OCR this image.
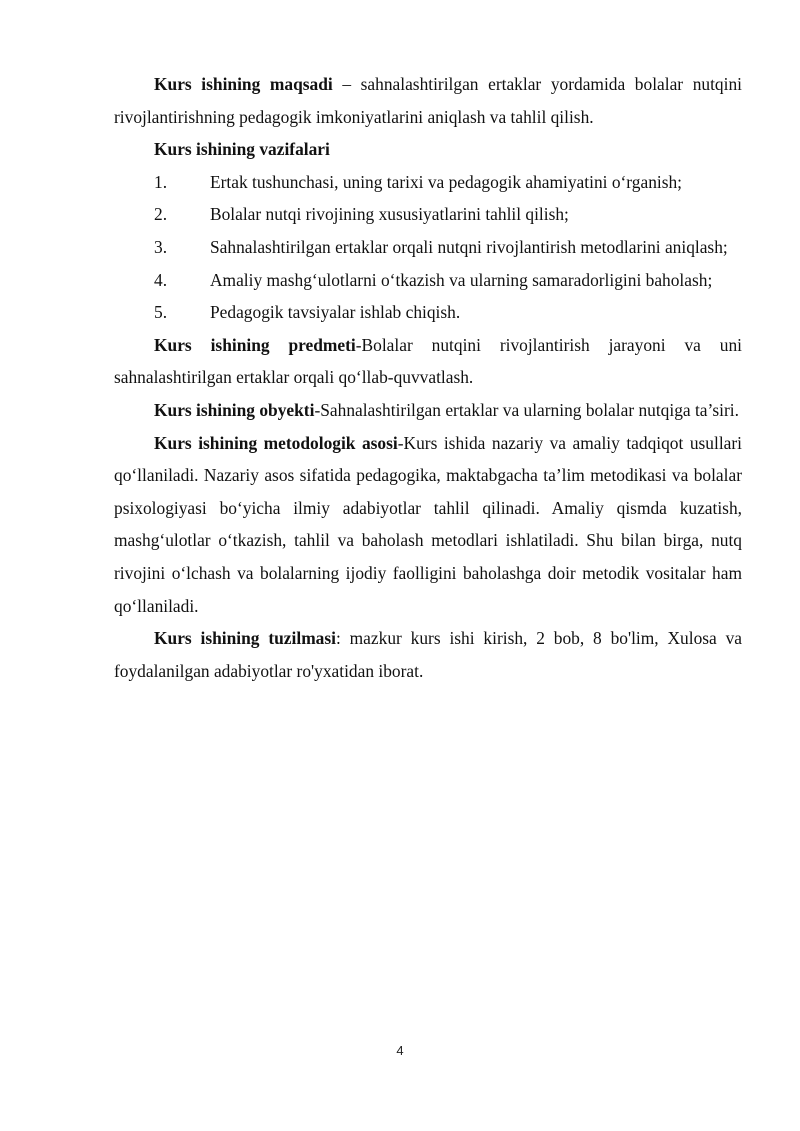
Kurs ishining maqsadi – sahnalashtirilgan ertaklar yordamida bolalar nutqini rivojlantirishning pedagogik imkoniyatlarini aniqlash va tahlil qilish.

Kurs ishining vazifalari

1. Ertak tushunchasi, uning tarixi va pedagogik ahamiyatini o‘rganish;

2. Bolalar nutqi rivojining xususiyatlarini tahlil qilish;

3. Sahnalashtirilgan ertaklar orqali nutqni rivojlantirish metodlarini aniqlash;

4. Amaliy mashg‘ulotlarni o‘tkazish va ularning samaradorligini baholash;

5. Pedagogik tavsiyalar ishlab chiqish.

Kurs ishining predmeti-Bolalar nutqini rivojlantirish jarayoni va uni sahnalashtirilgan ertaklar orqali qo‘llab-quvvatlash.

Kurs ishining obyekti-Sahnalashtirilgan ertaklar va ularning bolalar nutqiga ta’siri.

Kurs ishining metodologik asosi-Kurs ishida nazariy va amaliy tadqiqot usullari qo‘llaniladi. Nazariy asos sifatida pedagogika, maktabgacha ta’lim metodikasi va bolalar psixologiyasi bo‘yicha ilmiy adabiyotlar tahlil qilinadi. Amaliy qismda kuzatish, mashg‘ulotlar o‘tkazish, tahlil va baholash metodlari ishlatiladi. Shu bilan birga, nutq rivojini o‘lchash va bolalarning ijodiy faolligini baholashga doir metodik vositalar ham qo‘llaniladi.

Kurs ishining tuzilmasi: mazkur kurs ishi kirish, 2 bob, 8 bo'lim, Xulosa va foydalanilgan adabiyotlar ro'yxatidan iborat.

4
